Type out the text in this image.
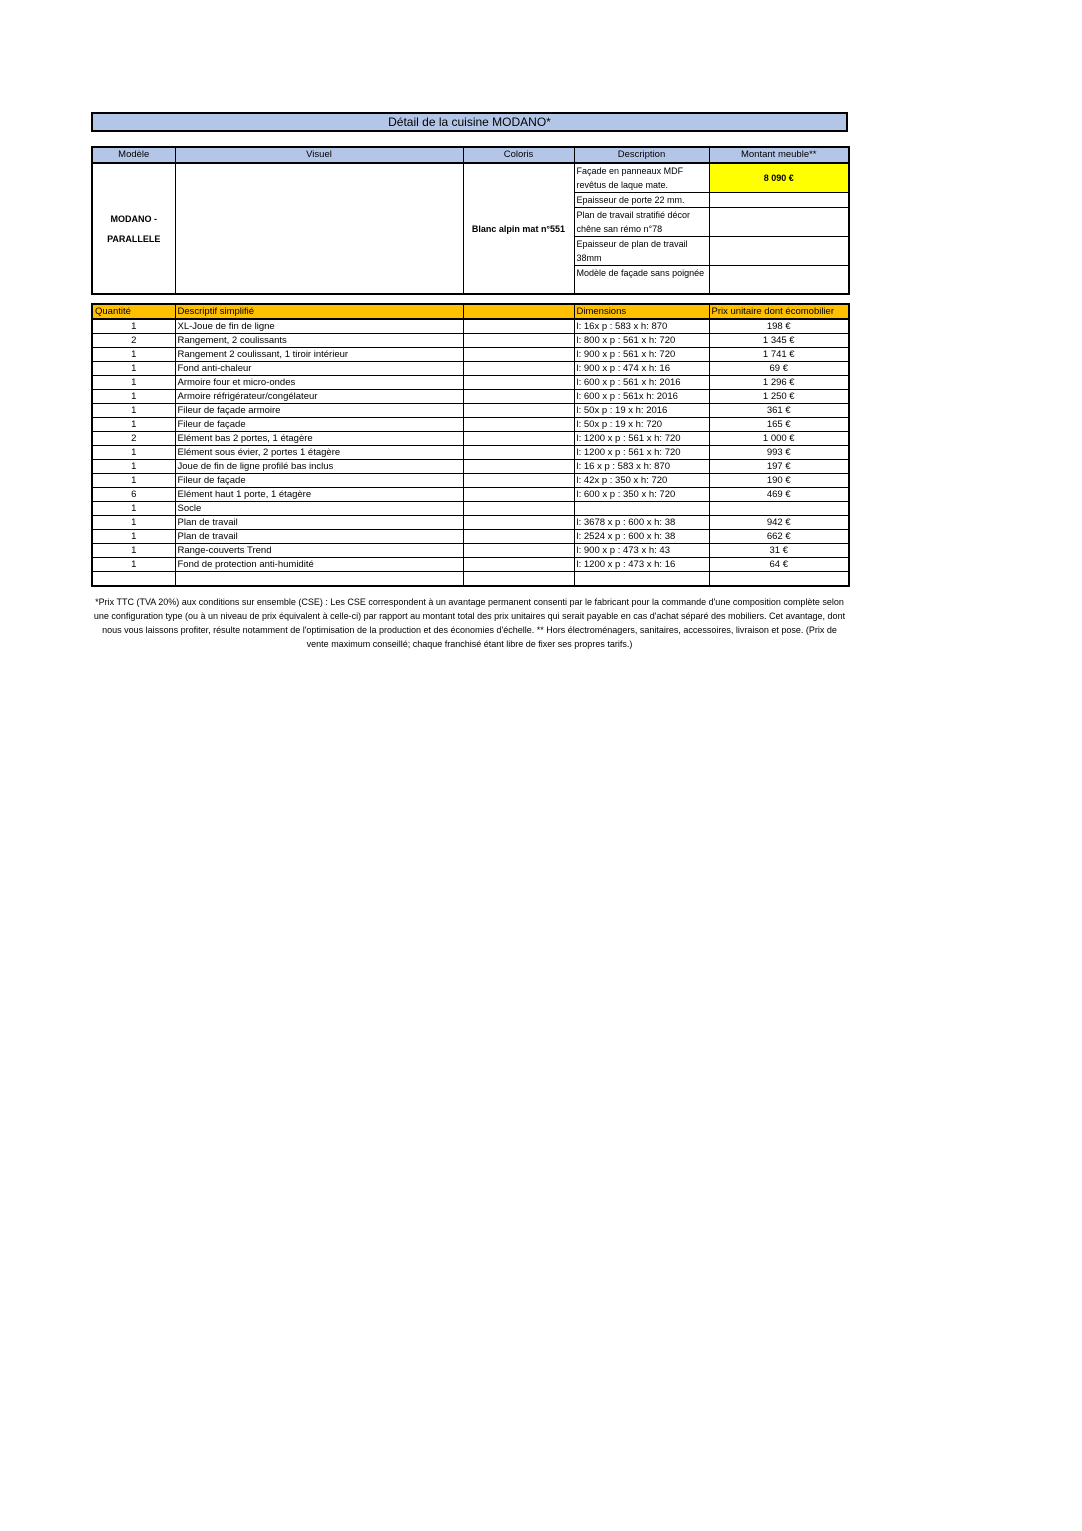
Détail de la cuisine MODANO*
Modèle	Visuel	Coloris	Description	Montant meuble**
MODANO - PARALLELE		Blanc alpin mat n°551	Façade en panneaux MDF revêtus de laque mate.	8 090 €
			Epaisseur de porte 22 mm.	
			Plan de travail stratifié décor chêne san rémo n°78	
			Epaisseur de plan de travail 38mm	
			Modèle de façade sans poignée	
Quantité	Descriptif simplifié		Dimensions	Prix unitaire dont écomobilier
1	XL-Joue de fin de ligne		l: 16x p : 583 x h: 870	198 €
2	Rangement, 2 coulissants		l: 800 x p : 561 x h: 720	1 345 €
1	Rangement 2 coulissant, 1 tiroir intérieur		l: 900 x p : 561 x h: 720	1 741 €
1	Fond anti-chaleur		l: 900 x p : 474 x h: 16	69 €
1	Armoire four et micro-ondes		l: 600 x p : 561 x h: 2016	1 296 €
1	Armoire réfrigérateur/congélateur		l: 600 x p : 561x h: 2016	1 250 €
1	Fileur de façade armoire		l: 50x p : 19 x h: 2016	361 €
1	Fileur de façade		l: 50x p : 19 x h: 720	165 €
2	Elément bas 2 portes, 1 étagère		l: 1200 x p : 561 x h: 720	1 000 €
1	Elément sous évier, 2 portes 1 étagère		l: 1200 x p : 561 x h: 720	993 €
1	Joue de fin de ligne profilé bas inclus		l: 16 x p : 583 x h: 870	197 €
1	Fileur de façade		l: 42x p : 350 x h: 720	190 €
6	Elément haut 1 porte, 1 étagère		l: 600 x p : 350 x h: 720	469 €
1	Socle			
1	Plan de travail		l: 3678 x p : 600 x h: 38	942 €
1	Plan de travail		l: 2524 x p : 600 x h: 38	662 €
1	Range-couverts Trend		l: 900 x p : 473 x h: 43	31 €
1	Fond de protection anti-humidité		l: 1200 x p : 473 x h: 16	64 €

*Prix TTC (TVA 20%) aux conditions sur ensemble (CSE) : Les CSE correspondent à un avantage permanent consenti par le fabricant pour la commande d'une composition complète selon une configuration type (ou à un niveau de prix équivalent à celle-ci) par rapport au montant total des prix unitaires qui serait payable en cas d'achat séparé des mobiliers. Cet avantage, dont nous vous laissons profiter, résulte notamment de l'optimisation de la production et des économies d'échelle. ** Hors électroménagers, sanitaires, accessoires, livraison et pose. (Prix de vente maximum conseillé; chaque franchisé étant libre de fixer ses propres tarifs.)
